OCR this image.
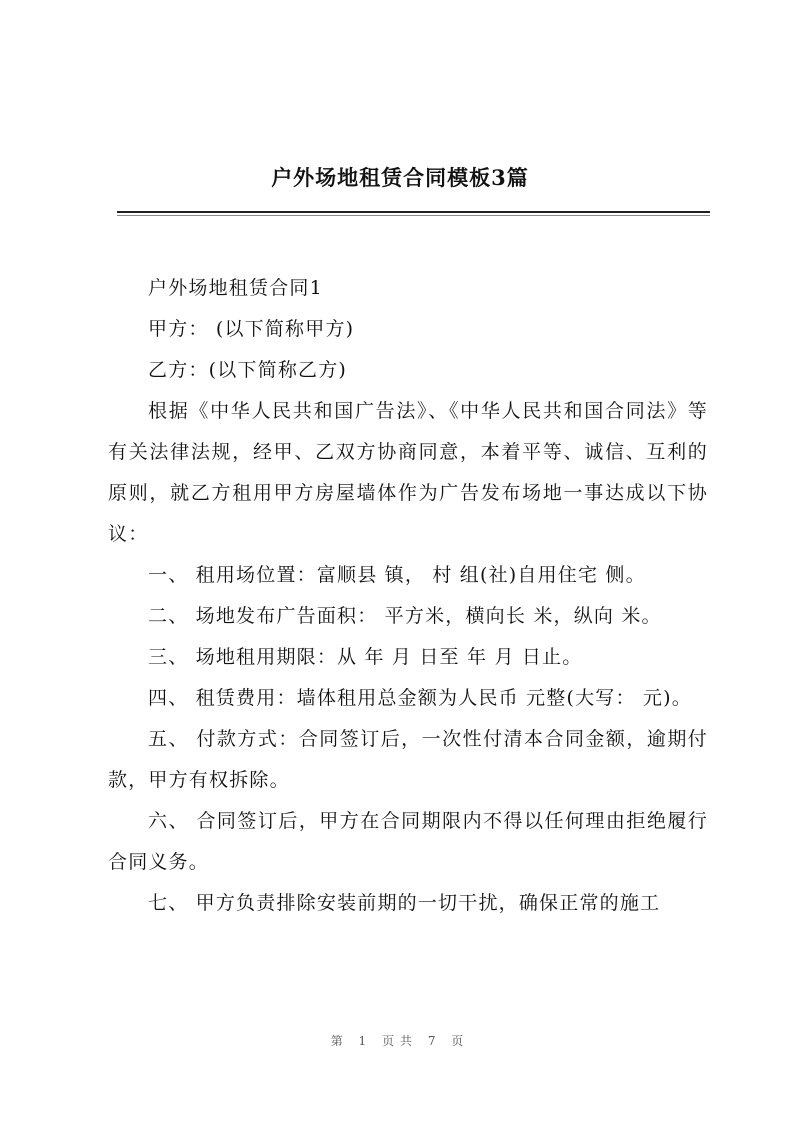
户外场地租赁合同模板3篇

户外场地租赁合同1

甲方： (以下简称甲方)

乙方：(以下简称乙方)

根据《中华人民共和国广告法》、《中华人民共和国合同法》等有关法律法规，经甲、乙双方协商同意，本着平等、诚信、互利的原则，就乙方租用甲方房屋墙体作为广告发布场地一事达成以下协议：

一、 租用场位置：富顺县 镇， 村 组(社)自用住宅 侧。

二、 场地发布广告面积： 平方米，横向长 米，纵向 米。

三、 场地租用期限：从 年 月 日至 年 月 日止。

四、 租赁费用：墙体租用总金额为人民币 元整(大写： 元)。

五、 付款方式：合同签订后，一次性付清本合同金额，逾期付款，甲方有权拆除。

六、 合同签订后，甲方在合同期限内不得以任何理由拒绝履行合同义务。

七、 甲方负责排除安装前期的一切干扰，确保正常的施工

第 1 页共 7 页
